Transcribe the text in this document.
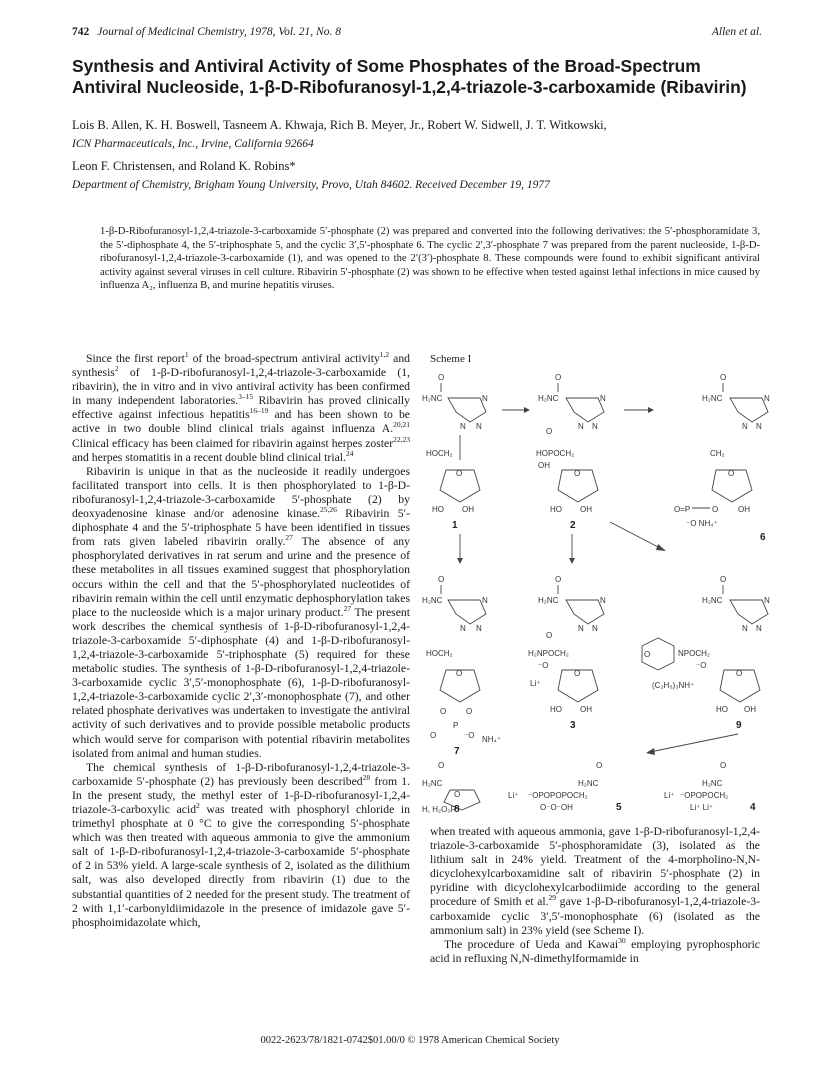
742 Journal of Medicinal Chemistry, 1978, Vol. 21, No. 8	Allen et al.
Synthesis and Antiviral Activity of Some Phosphates of the Broad-Spectrum Antiviral Nucleoside, 1-β-D-Ribofuranosyl-1,2,4-triazole-3-carboxamide (Ribavirin)
Lois B. Allen, K. H. Boswell, Tasneem A. Khwaja, Rich B. Meyer, Jr., Robert W. Sidwell, J. T. Witkowski,
ICN Pharmaceuticals, Inc., Irvine, California 92664
Leon F. Christensen, and Roland K. Robins*
Department of Chemistry, Brigham Young University, Provo, Utah 84602. Received December 19, 1977
1-β-D-Ribofuranosyl-1,2,4-triazole-3-carboxamide 5′-phosphate (2) was prepared and converted into the following derivatives: the 5′-phosphoramidate 3, the 5′-diphosphate 4, the 5′-triphosphate 5, and the cyclic 3′,5′-phosphate 6. The cyclic 2′,3′-phosphate 7 was prepared from the parent nucleoside, 1-β-D-ribofuranosyl-1,2,4-triazole-3-carboxamide (1), and was opened to the 2′(3′)-phosphate 8. These compounds were found to exhibit significant antiviral activity against several viruses in cell culture. Ribavirin 5′-phosphate (2) was shown to be effective when tested against lethal infections in mice caused by influenza A₂, influenza B, and murine hepatitis viruses.

Since the first report$^1$ of the broad-spectrum antiviral activity$^{1,2}$ and synthesis$^2$ of 1-β-D-ribofuranosyl-1,2,4-triazole-3-carboxamide (1, ribavirin), the in vitro and in vivo antiviral activity has been confirmed in many independent laboratories.$^{3-15}$ Ribavirin has proved clinically effective against infectious hepatitis$^{16-19}$ and has been shown to be active in two double blind clinical trials against influenza A.$^{20,21}$ Clinical efficacy has been claimed for ribavirin against herpes zoster$^{22,23}$ and herpes stomatitis in a recent double blind clinical trial.$^{24}$

Ribavirin is unique in that as the nucleoside it readily undergoes facilitated transport into cells. It is then phosphorylated to 1-β-D-ribofuranosyl-1,2,4-triazole-3-carboxamide 5′-phosphate (2) by deoxyadenosine kinase and/or adenosine kinase.$^{25,26}$ Ribavirin 5′-diphosphate 4 and the 5′-triphosphate 5 have been identified in tissues from rats given labeled ribavirin orally.$^{27}$ The absence of any phosphorylated derivatives in rat serum and urine and the presence of these metabolites in all tissues examined suggest that phosphorylation occurs within the cell and that the 5′-phosphorylated nucleotides of ribavirin remain within the cell until enzymatic dephosphorylation takes place to the nucleoside which is a major urinary product.$^{27}$ The present work describes the chemical synthesis of 1-β-D-ribofuranosyl-1,2,4-triazole-3-carboxamide 5′-diphosphate (4) and 1-β-D-ribofuranosyl-1,2,4-triazole-3-carboxamide 5′-triphosphate (5) required for these metabolic studies. The synthesis of 1-β-D-ribofuranosyl-1,2,4-triazole-3-carboxamide cyclic 3′,5′-monophosphate (6), 1-β-D-ribofuranosyl-1,2,4-triazole-3-carboxamide cyclic 2′,3′-monophosphate (7), and other related phosphate derivatives was undertaken to investigate the antiviral activity of such derivatives and to provide possible metabolic products which would serve for comparison with potential ribavirin metabolites isolated from animal and human studies.

The chemical synthesis of 1-β-D-ribofuranosyl-1,2,4-triazole-3-carboxamide 5′-phosphate (2) has previously been described$^{28}$ from 1. In the present study, the methyl ester of 1-β-D-ribofuranosyl-1,2,4-triazole-3-carboxylic acid$^2$ was treated with phosphoryl chloride in trimethyl phosphate at 0 °C to give the corresponding 5′-phosphate which was then treated with aqueous ammonia to give the ammonium salt of 1-β-D-ribofuranosyl-1,2,4-triazole-3-carboxamide 5′-phosphate of 2 in 53% yield. A large-scale synthesis of 2, isolated as the dilithium salt, was also developed directly from ribavirin (1) due to the substantial quantities of 2 needed for the present study. The treatment of 2 with 1,1′-carbonyldiimidazole in the presence of imidazole gave 5′-phosphoimidazolate which,

Scheme I
O
H₂NC	N
N N
HOCH₂
O
HO OH
1
O
H₂NC	N
N N
O
HOPOCH₂
OH
O
HO OH
2
O
H₂NC	N
N N
CH₂
O
O=P	O OH
⁻O NH₄⁺
6
O
H₂NC	N
N N
HOCH₂
O
O O
P
O	⁻O NH₄⁺
7
O
H₂NC	N
N N
O
H₂NPOCH₂
⁻O
Li⁺
O
HO OH
3
O
H₂NC	N
N N
O	NPOCH₂
⁻O
(C₂H₅)₃NH⁺
O
HO OH
9
O
H₂NC
O
H, H₂O₃P
8
O
H₂NC
Li⁺ ⁻OPOPOPOCH₂
O⁻O⁻OH	5
O
H₂NC
Li⁺ ⁻OPOPOCH₂
Li⁺ Li⁺	4

when treated with aqueous ammonia, gave 1-β-D-ribofuranosyl-1,2,4-triazole-3-carboxamide 5′-phosphoramidate (3), isolated as the lithium salt in 24% yield. Treatment of the 4-morpholino-N,N-dicyclohexylcarboxamidine salt of ribavirin 5′-phosphate (2) in pyridine with dicyclohexylcarbodiimide according to the general procedure of Smith et al.$^{29}$ gave 1-β-D-ribofuranosyl-1,2,4-triazole-3-carboxamide cyclic 3′,5′-monophosphate (6) (isolated as the ammonium salt) in 23% yield (see Scheme I).

The procedure of Ueda and Kawai$^{30}$ employing pyrophosphoric acid in refluxing N,N-dimethylformamide in

0022-2623/78/1821-0742$01.00/0 © 1978 American Chemical Society
